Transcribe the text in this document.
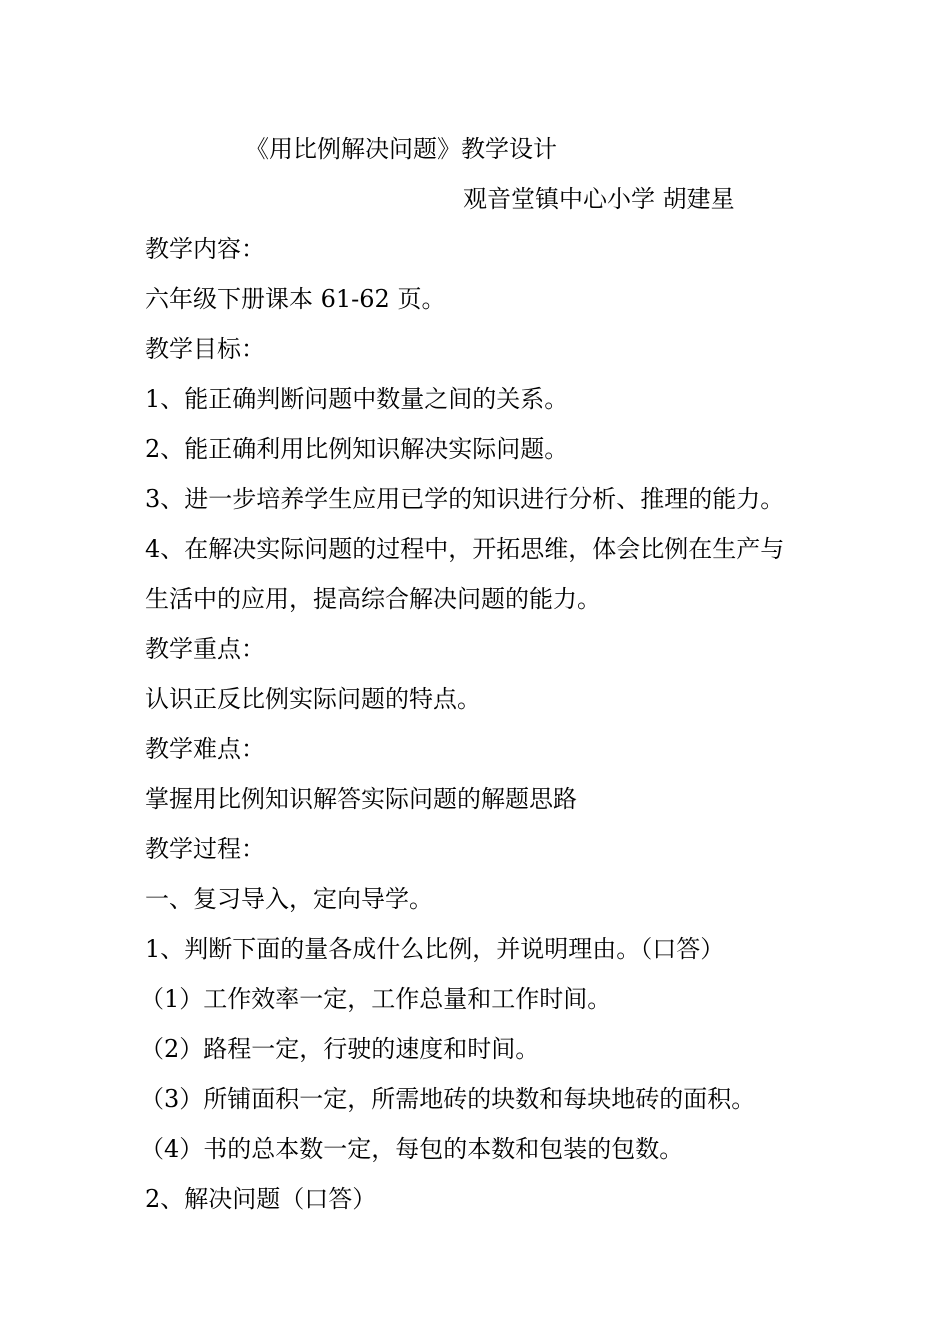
《用比例解决问题》教学设计
观音堂镇中心小学 胡建星
教学内容：
六年级下册课本 61-62 页。
教学目标：
1、能正确判断问题中数量之间的关系。
2、能正确利用比例知识解决实际问题。
3、进一步培养学生应用已学的知识进行分析、推理的能力。
4、在解决实际问题的过程中，开拓思维，体会比例在生产与
生活中的应用，提高综合解决问题的能力。
教学重点：
认识正反比例实际问题的特点。
教学难点：
掌握用比例知识解答实际问题的解题思路
教学过程：
一、复习导入，定向导学。
1、判断下面的量各成什么比例，并说明理由。（口答）
（1）工作效率一定，工作总量和工作时间。
（2）路程一定，行驶的速度和时间。
（3）所铺面积一定，所需地砖的块数和每块地砖的面积。
（4）书的总本数一定，每包的本数和包装的包数。
2、解决问题（口答）
